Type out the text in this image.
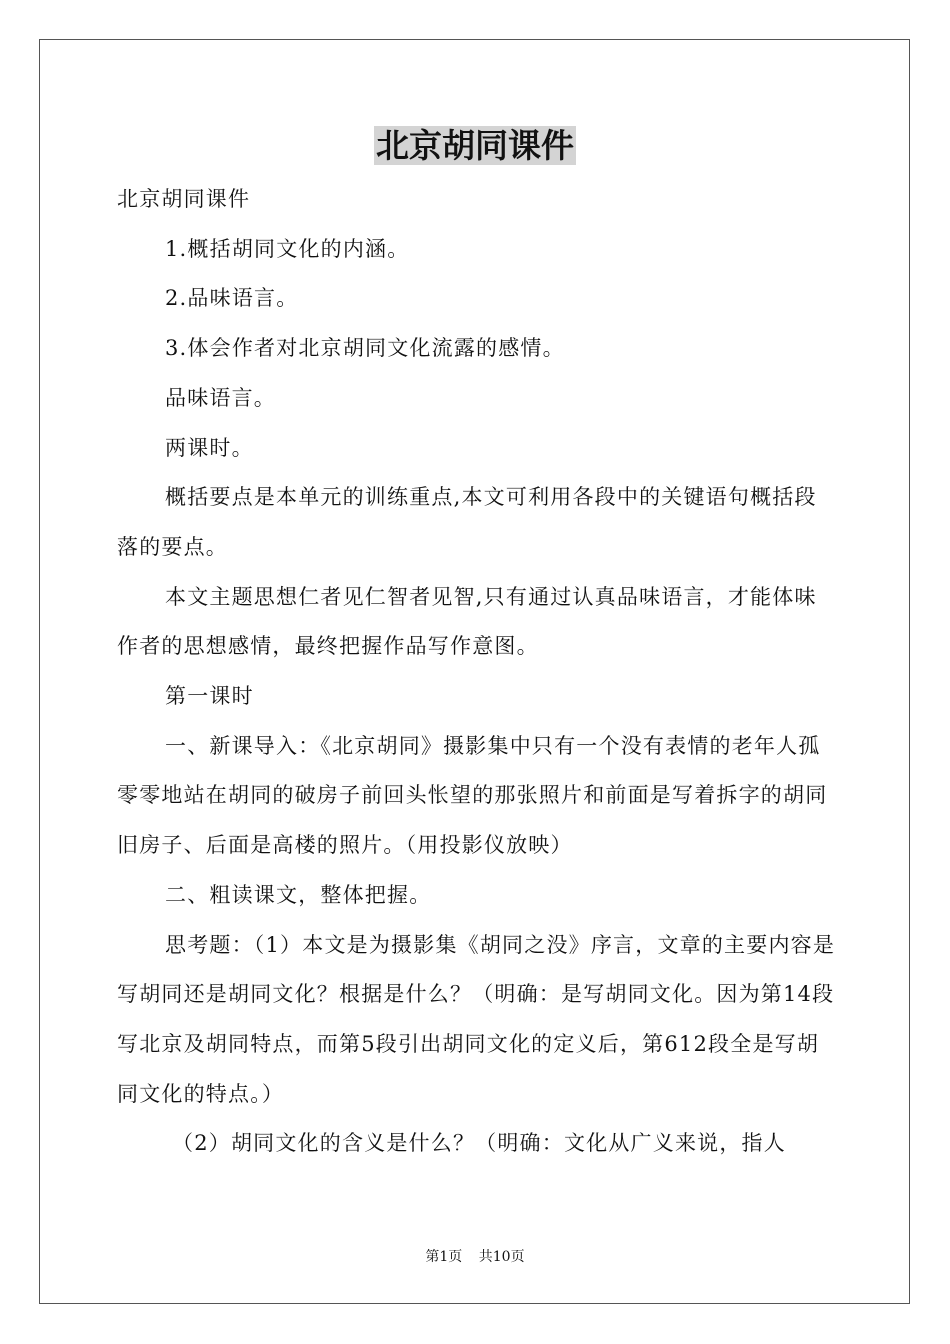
北京胡同课件

北京胡同课件

1.概括胡同文化的内涵。

2.品味语言。

3.体会作者对北京胡同文化流露的感情。

品味语言。

两课时。

概括要点是本单元的训练重点,本文可利用各段中的关键语句概括段落的要点。

本文主题思想仁者见仁智者见智,只有通过认真品味语言，才能体味作者的思想感情，最终把握作品写作意图。

第一课时

一、新课导入：《北京胡同》摄影集中只有一个没有表情的老年人孤零零地站在胡同的破房子前回头怅望的那张照片和前面是写着拆字的胡同旧房子、后面是高楼的照片。（用投影仪放映）

二、粗读课文，整体把握。

思考题：（1）本文是为摄影集《胡同之没》序言，文章的主要内容是写胡同还是胡同文化？根据是什么？（明确：是写胡同文化。因为第14段写北京及胡同特点，而第5段引出胡同文化的定义后，第612段全是写胡同文化的特点。）

（2）胡同文化的含义是什么？（明确：文化从广义来说，指人

第1页 共10页
